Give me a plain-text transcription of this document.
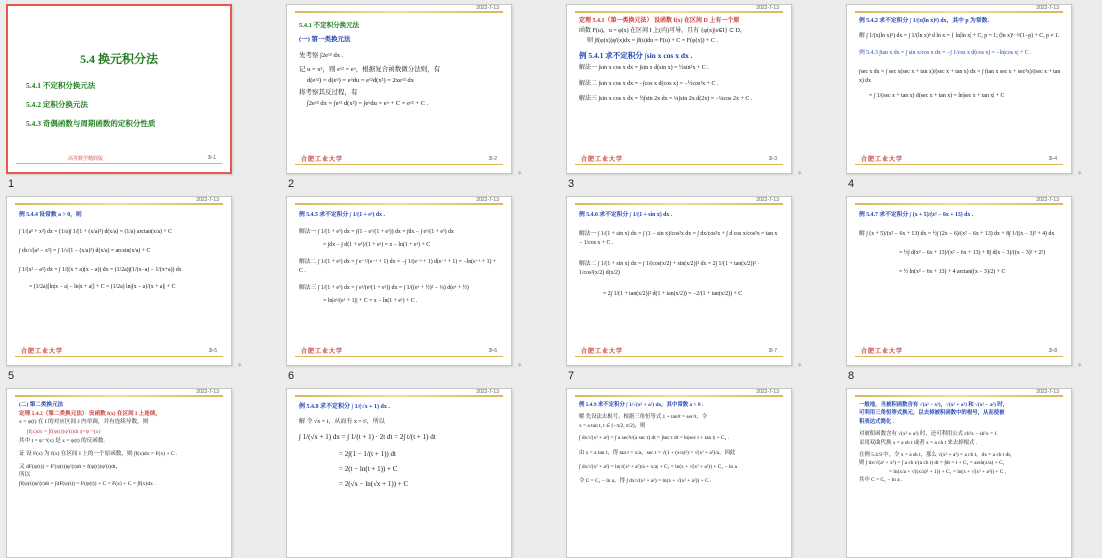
5.4 换元积分法
5.4.1 不定积分换元法
5.4.2 定积分换元法
5.4.3 奇偶函数与周期函数的定积分性质
高等数学精简版	3l-1
1
2022-7-13
5.4.1 不定积分换元法
(一) 第一类换元法
先考察 ∫2eˣ² dx .
记 u = x²，则 eˣ² = eᵘ，根据复合函数微分法则，有
d(eˣ²) = d(eᵘ) = eᵘdu = eˣ²d(x²) = 2xeˣ² dx
将考察其反过程，有
∫2eˣ² dx = ∫eˣ² d(x²) = ∫eᵘdu = eᵘ + C = eˣ² + C .
合肥工业大学	3l-2
✧
2
2022-7-13
定理 5.4.1（第一类换元法） 设函数 f(x) 在区间 D 上有一个原
函数 F(u)，u = φ(x) 在区间 I 上(内)可导，且有 {φ(x)|x∈I} ⊂ D，
则 ∫f(φ(x))φ'(x)dx = ∫f(u)du = F(u) + C = F(φ(x)) + C .
例 5.4.1 求不定积分 ∫sin x cos x dx .
解法一 ∫sin x cos x dx = ∫sin x d(sin x) = ½sin²x + C .
解法二 ∫sin x cos x dx = −∫cos x d(cos x) = −½cos²x + C .
解法三 ∫sin x cos x dx = ½∫sin 2x dx = ¼∫sin 2x d(2x) = −¼cos 2x + C .
合肥工业大学	3l-3
✧
3
2022-7-13
例 5.4.2 求不定积分 ∫ 1/(x(ln x)ᵖ) dx，其中 p 为常数.
解 ∫ 1/(x(ln x)ᵖ) dx = ∫ 1/(ln x)ᵖ d ln x = { ln|ln x| + C, p = 1; (ln x)¹⁻ᵖ/(1−p) + C, p ≠ 1.
例 5.4.3 ∫tan x dx = ∫ sin x/cos x dx = −∫ 1/cos x d(cos x) = −ln|cos x| + C .
∫sec x dx = ∫ sec x(sec x + tan x)/(sec x + tan x) dx = ∫ (tan x sec x + sec²x)/(sec x + tan x) dx
= ∫ 1/(sec x + tan x) d(sec x + tan x) = ln|sec x + tan x| + C
合肥工业大学	3l-4
✧
4
2022-7-13
例 5.4.4 设常数 a > 0，则
∫ 1/(a² + x²) dx = (1/a)∫ 1/(1 + (x/a)²) d(x/a) = (1/a) arctan(x/a) + C
∫ dx/√(a² − x²) = ∫ 1/√(1 − (x/a)²) d(x/a) = arcsin(x/a) + C
∫ 1/(x² − a²) dx = ∫ 1/((x + a)(x − a)) dx = (1/2a)∫(1/(x−a) − 1/(x+a)) dx
= (1/2a)[ln|x − a| − ln|x + a|] + C = (1/2a) ln|(x − a)/(x + a)| + C
合肥工业大学	3l-5
✧
5
2022-7-13
例 5.4.5 求不定积分 ∫ 1/(1 + eˣ) dx .
解法一 ∫ 1/(1 + eˣ) dx = ∫(1 − eˣ/(1 + eˣ)) dx = ∫dx − ∫ eˣ/(1 + eˣ) dx
= ∫dx − ∫ d(1 + eˣ)/(1 + eˣ) = x − ln(1 + eˣ) + C
解法二 ∫ 1/(1 + eˣ) dx = ∫ e⁻ˣ/(e⁻ˣ + 1) dx = −∫ 1/(e⁻ˣ + 1) d(e⁻ˣ + 1) = −ln(e⁻ˣ + 1) + C .
解法三 ∫ 1/(1 + eˣ) dx = ∫ eˣ/(eˣ(1 + eˣ)) dx = ∫ 1/((eˣ + ½)² − ¼) d(eˣ + ½)
= ln|eˣ/(eˣ + 1)| + C = x − ln(1 + eˣ) + C .
合肥工业大学	3l-6
✧
6
2022-7-13
例 5.4.6 求不定积分 ∫ 1/(1 + sin x) dx .
解法一 ∫ 1/(1 + sin x) dx = ∫ (1 − sin x)/cos²x dx = ∫ dx/cos²x + ∫ d cos x/cos²x = tan x − 1/cos x + C .
解法二 ∫ 1/(1 + sin x) dx = ∫ 1/(cos(x/2) + sin(x/2))² dx = 2∫ 1/(1 + tan(x/2))² · 1/cos²(x/2) d(x/2)
= 2∫ 1/(1 + tan(x/2))² d(1 + tan(x/2)) = −2/(1 + tan(x/2)) + C
合肥工业大学	3l-7
✧
7
2022-7-13
例 5.4.7 求不定积分 ∫ (x + 5)/(x² − 6x + 13) dx .
解 ∫ (x + 5)/(x² − 6x + 13) dx = ½∫ (2x − 6)/(x² − 6x + 13) dx + 8∫ 1/((x − 3)² + 4) dx
= ½∫ d(x² − 6x + 13)/(x² − 6x + 13) + 8∫ d(x − 3)/((x − 3)² + 2²)
= ½ ln(x² − 6x + 13) + 4 arctan((x − 3)/2) + C
合肥工业大学	3l-8
✧
8
2022-7-13
(二) 第二类换元法
定理 5.4.2（第二类换元法） 设函数 f(x) 在区间 I 上连续，
x = ψ(t) 在 I 的对应区间 J 内单调，并有连续导数，则
∫f(x)dx = ∫f(ψ(t))ψ'(t)dt |t=ψ⁻¹(x)
其中 t = ψ⁻¹(x) 是 x = ψ(t) 的反函数.
证 设 F(x) 为 f(x) 在区间 I 上的一个原函数，则 ∫f(x)dx = F(x) + C .
又 dF(ψ(t)) = F'(ψ(t))ψ'(t)dt = f(ψ(t))ψ'(t)dt，
所以
∫f(ψ(t))ψ'(t)dt = ∫dF(ψ(t)) = F(ψ(t)) + C = F(x) + C = ∫f(x)dx .
2022-7-13
例 5.4.8 求不定积分 ∫ 1/(√x + 1) dx .
解 令 √x = t，从而有 x = t²，所以
∫ 1/(√x + 1) dx = ∫ 1/(t + 1) · 2t dt = 2∫ t/(t + 1) dt
= 2∫(1 − 1/(t + 1)) dt
= 2(t − ln(t + 1)) + C
= 2(√x − ln(√x + 1)) + C
2022-7-13
例 5.4.9 求不定积分 ∫ 1/√(x² + a²) dx，其中常数 a > 0 .
解 先设法去根号。根据三角恒等式 1 + tan²t = sec²t，令
x = a tan t, t ∈ (−π/2, π/2)，则
∫ dx/√(x² + a²) = ∫ a sec²t/(a sec t) dt = ∫sec t dt = ln|sec t + tan t| + C₁ .
由 x = a tan t，得 tan t = x/a，sec t = √(1 + (x/a)²) = √(x² + a²)/a，因此
∫ dx/√(x² + a²) = ln|√(x² + a²)/a + x/a| + C₁ = ln(x + √(x² + a²)) + C₁ − ln a
令 C = C₁ − ln a，得 ∫ dx/√(x² + a²) = ln(x + √(x² + a²)) + C .
2022-7-13
一般地，当被积函数含有 √(a² − x²)，√(x² + a²) 和 √(x² − a²) 时，
可利用三角恒等式换元，以去掉被积函数中的根号，从而使被
积表达式简化 .
对被积函数含有 √(x² ± a²) 时，还可利用公式 ch²x − sh²x = 1
采用双曲代换 x = a sh t 或者 x = a ch t 来去掉根式 .
在例 5.4.9 中，令 x = a sh t，那么 √(x² + a²) = a ch t，dx = a ch t dt，
则 ∫ dx/√(a² + x²) = ∫ a ch t/(a ch t) dt = ∫dt = t + C₁ = arsh(x/a) + C₁
= ln(x/a + √((x/a)² + 1)) + C₁ = ln(x + √(x² + a²)) + C ,
其中 C = C₁ − ln a .
